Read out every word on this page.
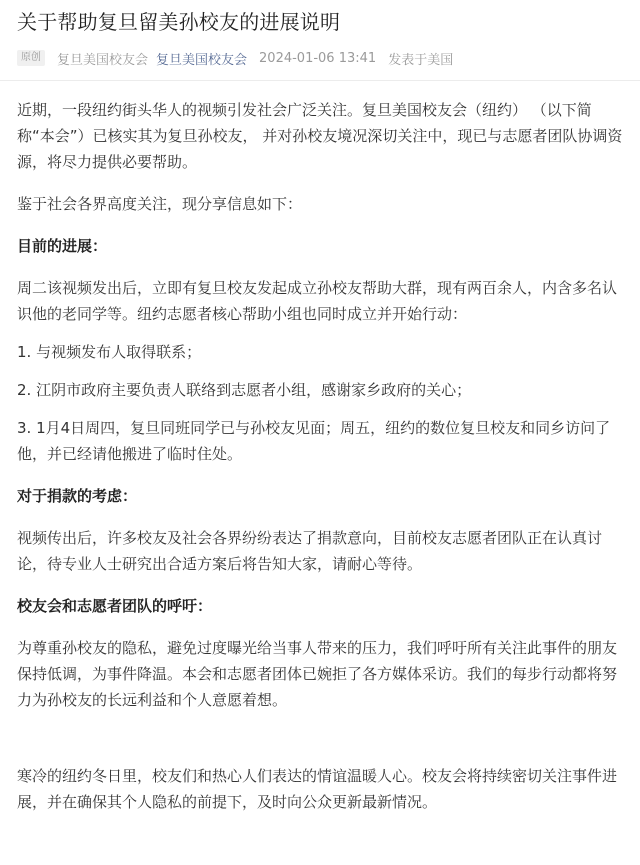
关于帮助复旦留美孙校友的进展说明
原创	复旦美国校友会 复旦美国校友会 2024-01-06 13:41 发表于美国

近期，一段纽约街头华人的视频引发社会广泛关注。复旦美国校友会（纽约） （以下简称“本会”）已核实其为复旦孙校友， 并对孙校友境况深切关注中，现已与志愿者团队协调资源，将尽力提供必要帮助。

鉴于社会各界高度关注，现分享信息如下：

目前的进展：

周二该视频发出后，立即有复旦校友发起成立孙校友帮助大群，现有两百余人，内含多名认识他的老同学等。纽约志愿者核心帮助小组也同时成立并开始行动：

1. 与视频发布人取得联系；

2. 江阴市政府主要负责人联络到志愿者小组，感谢家乡政府的关心；

3. 1月4日周四，复旦同班同学已与孙校友见面；周五，纽约的数位复旦校友和同乡访问了他，并已经请他搬进了临时住处。

对于捐款的考虑：

视频传出后，许多校友及社会各界纷纷表达了捐款意向，目前校友志愿者团队正在认真讨论，待专业人士研究出合适方案后将告知大家，请耐心等待。

校友会和志愿者团队的呼吁：

为尊重孙校友的隐私，避免过度曝光给当事人带来的压力，我们呼吁所有关注此事件的朋友保持低调，为事件降温。本会和志愿者团体已婉拒了各方媒体采访。我们的每步行动都将努力为孙校友的长远利益和个人意愿着想。

寒冷的纽约冬日里，校友们和热心人们表达的情谊温暖人心。校友会将持续密切关注事件进展，并在确保其个人隐私的前提下，及时向公众更新最新情况。
